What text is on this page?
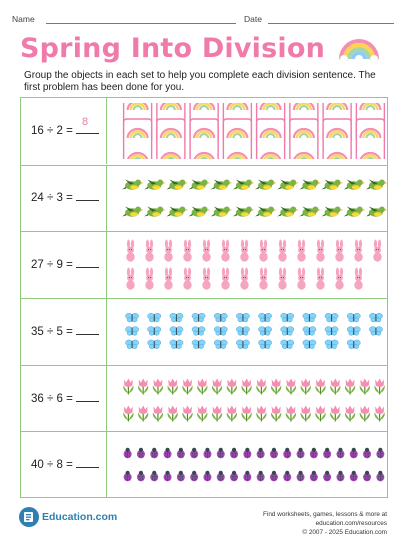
Name	Date
Spring Into Division
Group the objects in each set to help you complete each division sentence. The first problem has been done for you.
16 ÷ 2 =
8
24 ÷ 3 =
27 ÷ 9 =
35 ÷ 5 =
36 ÷ 6 =
40 ÷ 8 =
Education.com	Find worksheets, games, lessons & more at education.com/resources
© 2007 - 2025 Education.com
